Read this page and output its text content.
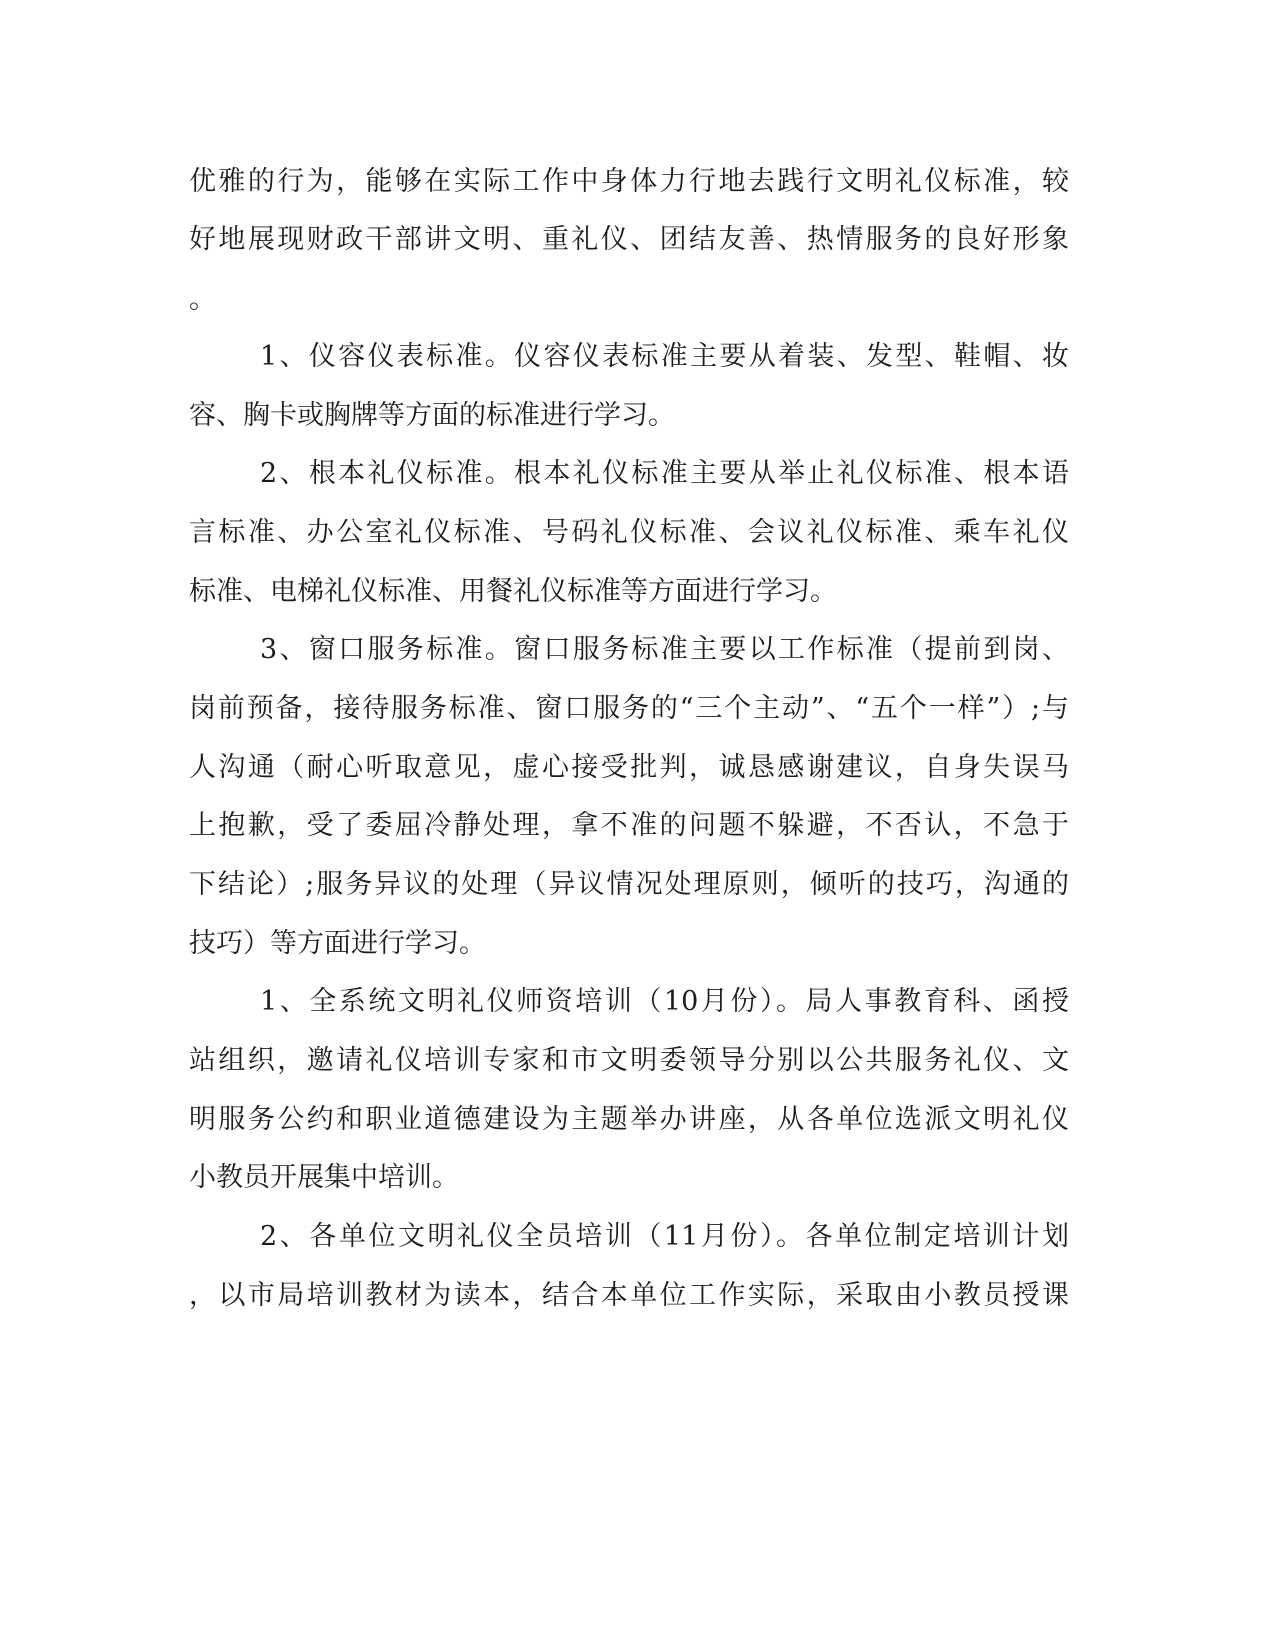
优雅的行为，能够在实际工作中身体力行地去践行文明礼仪标准，较
好地展现财政干部讲文明、重礼仪、团结友善、热情服务的良好形象
。
1、仪容仪表标准。仪容仪表标准主要从着装、发型、鞋帽、妆
容、胸卡或胸牌等方面的标准进行学习。
2、根本礼仪标准。根本礼仪标准主要从举止礼仪标准、根本语
言标准、办公室礼仪标准、号码礼仪标准、会议礼仪标准、乘车礼仪
标准、电梯礼仪标准、用餐礼仪标准等方面进行学习。
3、窗口服务标准。窗口服务标准主要以工作标准（提前到岗、
岗前预备，接待服务标准、窗口服务的“三个主动”、“五个一样”）;与
人沟通（耐心听取意见，虚心接受批判，诚恳感谢建议，自身失误马
上抱歉，受了委屈冷静处理，拿不准的问题不躲避，不否认，不急于
下结论）;服务异议的处理（异议情况处理原则，倾听的技巧，沟通的
技巧）等方面进行学习。
1、全系统文明礼仪师资培训（10月份）。局人事教育科、函授
站组织，邀请礼仪培训专家和市文明委领导分别以公共服务礼仪、文
明服务公约和职业道德建设为主题举办讲座，从各单位选派文明礼仪
小教员开展集中培训。
2、各单位文明礼仪全员培训（11月份）。各单位制定培训计划
，以市局培训教材为读本，结合本单位工作实际，采取由小教员授课
